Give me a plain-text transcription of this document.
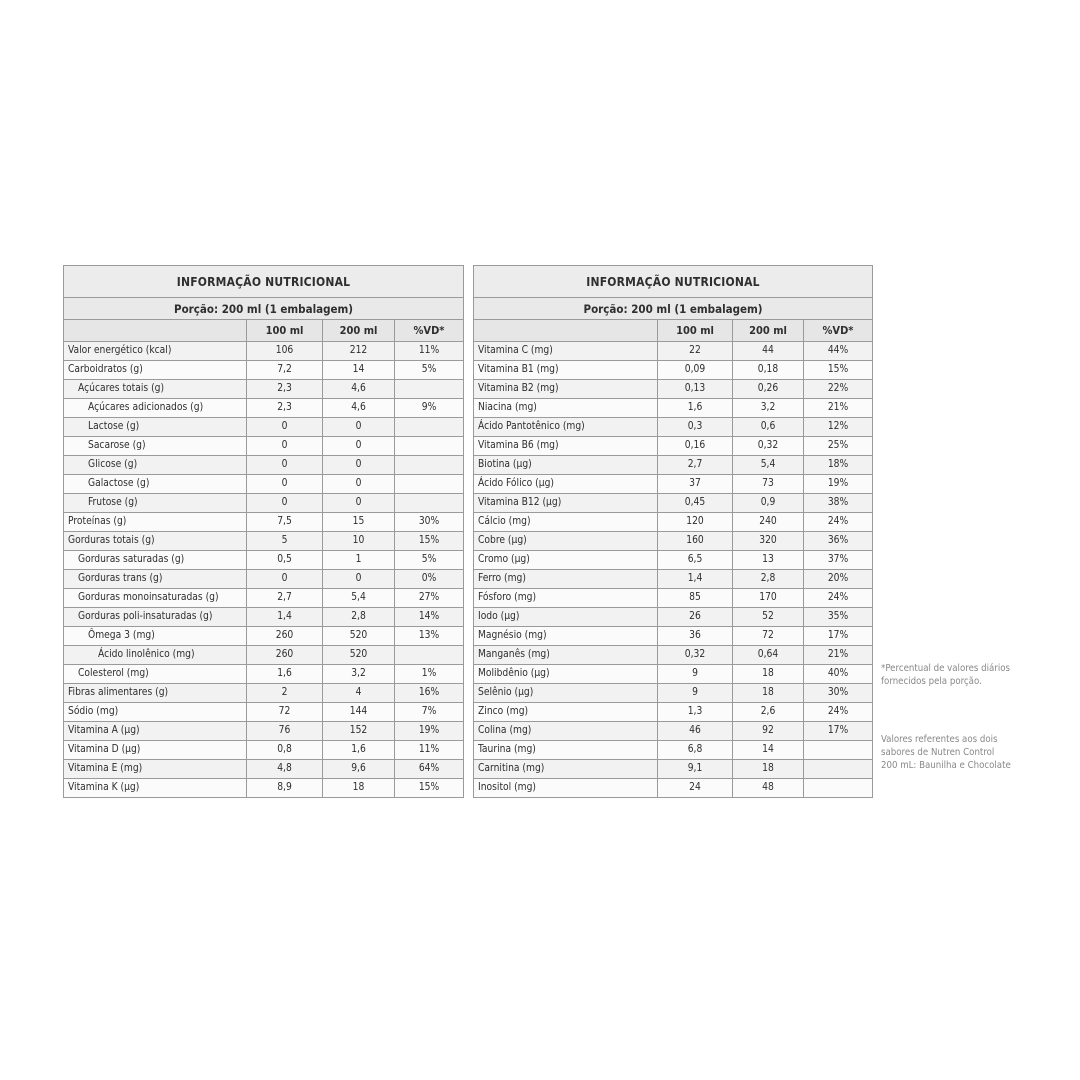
INFORMAÇÃO NUTRICIONAL			
Porção: 200 ml (1 embalagem)			
	100 ml	200 ml	%VD*
Valor energético (kcal)	106	212	11%
Carboidratos (g)	7,2	14	5%
Açúcares totais (g)	2,3	4,6	
Açúcares adicionados (g)	2,3	4,6	9%
Lactose (g)	0	0	
Sacarose (g)	0	0	
Glicose (g)	0	0	
Galactose (g)	0	0	
Frutose (g)	0	0	
Proteínas (g)	7,5	15	30%
Gorduras totais (g)	5	10	15%
Gorduras saturadas (g)	0,5	1	5%
Gorduras trans (g)	0	0	0%
Gorduras monoinsaturadas (g)	2,7	5,4	27%
Gorduras poli-insaturadas (g)	1,4	2,8	14%
Ômega 3 (mg)	260	520	13%
Ácido linolênico (mg)	260	520	
Colesterol (mg)	1,6	3,2	1%
Fibras alimentares (g)	2	4	16%
Sódio (mg)	72	144	7%
Vitamina A (µg)	76	152	19%
Vitamina D (µg)	0,8	1,6	11%
Vitamina E (mg)	4,8	9,6	64%
Vitamina K (µg)	8,9	18	15%
INFORMAÇÃO NUTRICIONAL			
Porção: 200 ml (1 embalagem)			
	100 ml	200 ml	%VD*
Vitamina C (mg)	22	44	44%
Vitamina B1 (mg)	0,09	0,18	15%
Vitamina B2 (mg)	0,13	0,26	22%
Niacina (mg)	1,6	3,2	21%
Ácido Pantotênico (mg)	0,3	0,6	12%
Vitamina B6 (mg)	0,16	0,32	25%
Biotina (µg)	2,7	5,4	18%
Ácido Fólico (µg)	37	73	19%
Vitamina B12 (µg)	0,45	0,9	38%
Cálcio (mg)	120	240	24%
Cobre (µg)	160	320	36%
Cromo (µg)	6,5	13	37%
Ferro (mg)	1,4	2,8	20%
Fósforo (mg)	85	170	24%
Iodo (µg)	26	52	35%
Magnésio (mg)	36	72	17%
Manganês (mg)	0,32	0,64	21%
Molibdênio (µg)	9	18	40%
Selênio (µg)	9	18	30%
Zinco (mg)	1,3	2,6	24%
Colina (mg)	46	92	17%
Taurina (mg)	6,8	14	
Carnitina (mg)	9,1	18	
Inositol (mg)	24	48	
*Percentual de valores diários fornecidos pela porção.
Valores referentes aos dois sabores de Nutren Control 200 mL: Baunilha e Chocolate
